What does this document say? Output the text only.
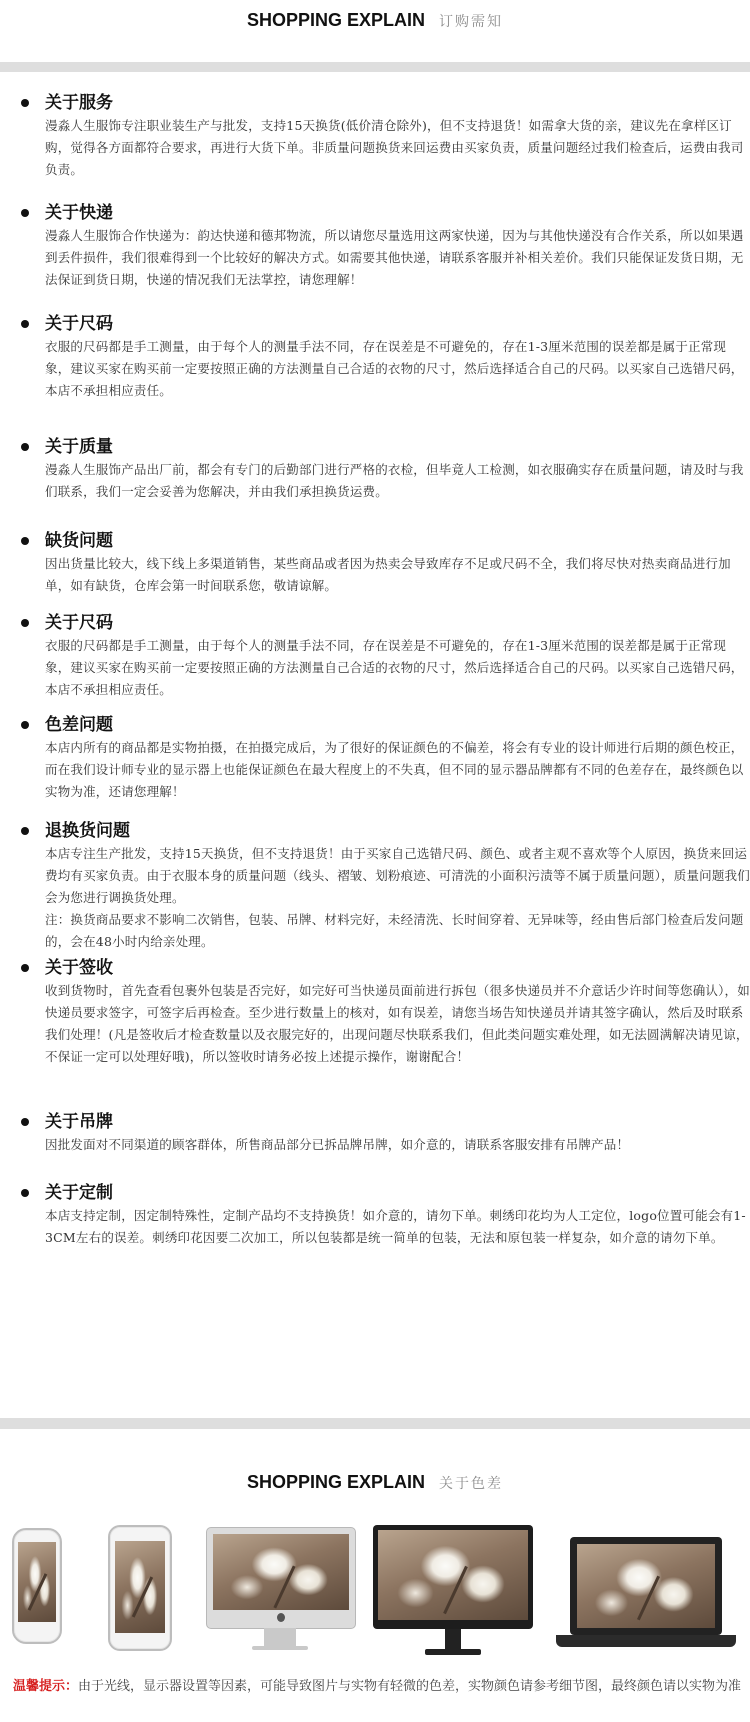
SHOPPING EXPLAIN 订购需知
关于服务

漫淼人生服饰专注职业装生产与批发，支持15天换货(低价清仓除外)，但不支持退货！如需拿大货的亲，建议先在拿样区订购，觉得各方面都符合要求，再进行大货下单。非质量问题换货来回运费由买家负责，质量问题经过我们检查后，运费由我司负责。

关于快递

漫淼人生服饰合作快递为：韵达快递和德邦物流，所以请您尽量选用这两家快递，因为与其他快递没有合作关系，所以如果遇到丢件损件，我们很难得到一个比较好的解决方式。如需要其他快递，请联系客服并补相关差价。我们只能保证发货日期，无法保证到货日期，快递的情况我们无法掌控，请您理解！

关于尺码

衣服的尺码都是手工测量，由于每个人的测量手法不同，存在误差是不可避免的，存在1-3厘米范围的误差都是属于正常现象，建议买家在购买前一定要按照正确的方法测量自己合适的衣物的尺寸，然后选择适合自己的尺码。以买家自己选错尺码，本店不承担相应责任。

关于质量

漫淼人生服饰产品出厂前，都会有专门的后勤部门进行严格的衣检，但毕竟人工检测，如衣服确实存在质量问题，请及时与我们联系，我们一定会妥善为您解决，并由我们承担换货运费。

缺货问题

因出货量比较大，线下线上多渠道销售，某些商品或者因为热卖会导致库存不足或尺码不全，我们将尽快对热卖商品进行加单，如有缺货，仓库会第一时间联系您，敬请谅解。

关于尺码

衣服的尺码都是手工测量，由于每个人的测量手法不同，存在误差是不可避免的，存在1-3厘米范围的误差都是属于正常现象，建议买家在购买前一定要按照正确的方法测量自己合适的衣物的尺寸，然后选择适合自己的尺码。以买家自己选错尺码，本店不承担相应责任。

色差问题

本店内所有的商品都是实物拍摄，在拍摄完成后，为了很好的保证颜色的不偏差，将会有专业的设计师进行后期的颜色校正，而在我们设计师专业的显示器上也能保证颜色在最大程度上的不失真，但不同的显示器品牌都有不同的色差存在，最终颜色以实物为准，还请您理解！

退换货问题

本店专注生产批发，支持15天换货，但不支持退货！由于买家自己选错尺码、颜色、或者主观不喜欢等个人原因，换货来回运费均有买家负责。由于衣服本身的质量问题（线头、褶皱、划粉痕迹、可清洗的小面积污渍等不属于质量问题），质量问题我们会为您进行调换货处理。

注：换货商品要求不影响二次销售，包装、吊牌、材料完好，未经清洗、长时间穿着、无异味等，经由售后部门检查后发问题的，会在48小时内给亲处理。

关于签收

收到货物时，首先查看包裹外包装是否完好，如完好可当快递员面前进行拆包（很多快递员并不介意话少许时间等您确认），如快递员要求签字，可签字后再检查。至少进行数量上的核对，如有误差，请您当场告知快递员并请其签字确认，然后及时联系我们处理！(凡是签收后才检查数量以及衣服完好的，出现问题尽快联系我们，但此类问题实难处理，如无法圆满解决请见谅，不保证一定可以处理好哦)，所以签收时请务必按上述提示操作，谢谢配合！

关于吊牌

因批发面对不同渠道的顾客群体，所售商品部分已拆品牌吊牌，如介意的，请联系客服安排有吊牌产品！

关于定制

本店支持定制，因定制特殊性，定制产品均不支持换货！如介意的，请勿下单。刺绣印花均为人工定位，logo位置可能会有1-3CM左右的误差。刺绣印花因要二次加工，所以包装都是统一简单的包装，无法和原包装一样复杂，如介意的请勿下单。

SHOPPING EXPLAIN 关于色差
温馨提示：由于光线，显示器设置等因素，可能导致图片与实物有轻微的色差，实物颜色请参考细节图，最终颜色请以实物为准
